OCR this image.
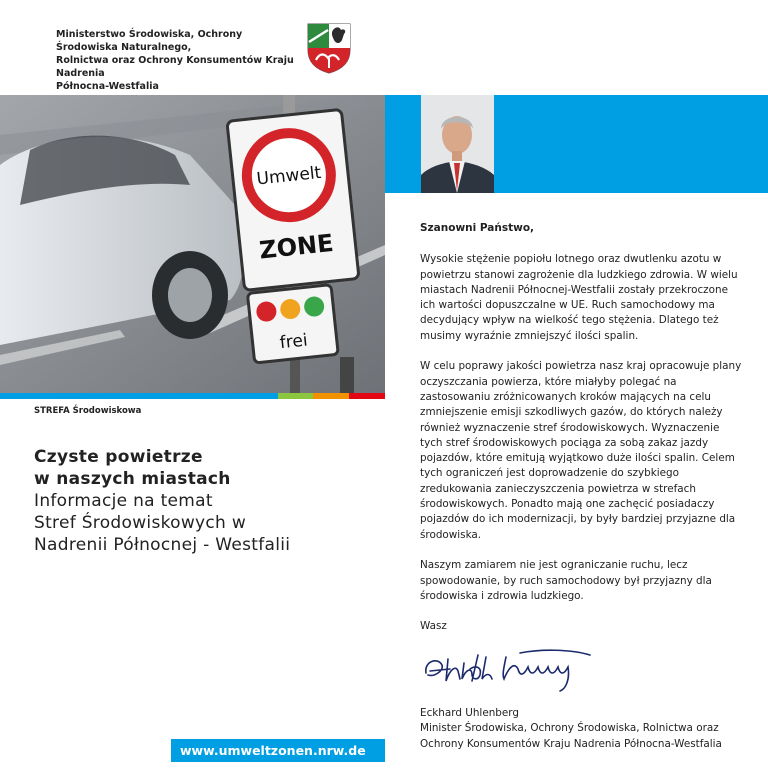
Ministerstwo Środowiska, Ochrony Środowiska Naturalnego,
Rolnictwa oraz Ochrony Konsumentów Kraju Nadrenia
Północna-Westfalia
Umwelt
ZONE
frei
STREFA Środowiskowa
Czyste powietrze
w naszych miastach
Informacje na temat
Stref Środowiskowych w
Nadrenii Północnej - Westfalii
www.umweltzonen.nrw.de

Szanowni Państwo,

Wysokie stężenie popiołu lotnego oraz dwutlenku azotu w powietrzu stanowi zagrożenie dla ludzkiego zdrowia. W wielu miastach Nadrenii Północnej-Westfalii zostały przekroczone ich wartości dopuszczalne w UE. Ruch samochodowy ma decydujący wpływ na wielkość tego stężenia. Dlatego też musimy wyraźnie zmniejszyć ilości spalin.

W celu poprawy jakości powietrza nasz kraj opracowuje plany oczyszczania powierza, które miałyby polegać na zastosowaniu zróżnicowanych kroków mających na celu zmniejszenie emisji szkodliwych gazów, do których należy również wyznaczenie stref środowiskowych. Wyznaczenie tych stref środowiskowych pociąga za sobą zakaz jazdy pojazdów, które emitują wyjątkowo duże ilości spalin. Celem tych ograniczeń jest doprowadzenie do szybkiego zredukowania zanieczyszczenia powietrza w strefach środowiskowych. Ponadto mają one zachęcić posiadaczy pojazdów do ich modernizacji, by były bardziej przyjazne dla środowiska.

Naszym zamiarem nie jest ograniczanie ruchu, lecz spowodowanie, by ruch samochodowy był przyjazny dla środowiska i zdrowia ludzkiego.

Wasz
Eckhard Uhlenberg
Minister Środowiska, Ochrony Środowiska, Rolnictwa oraz
Ochrony Konsumentów Kraju Nadrenia Północna-Westfalia
